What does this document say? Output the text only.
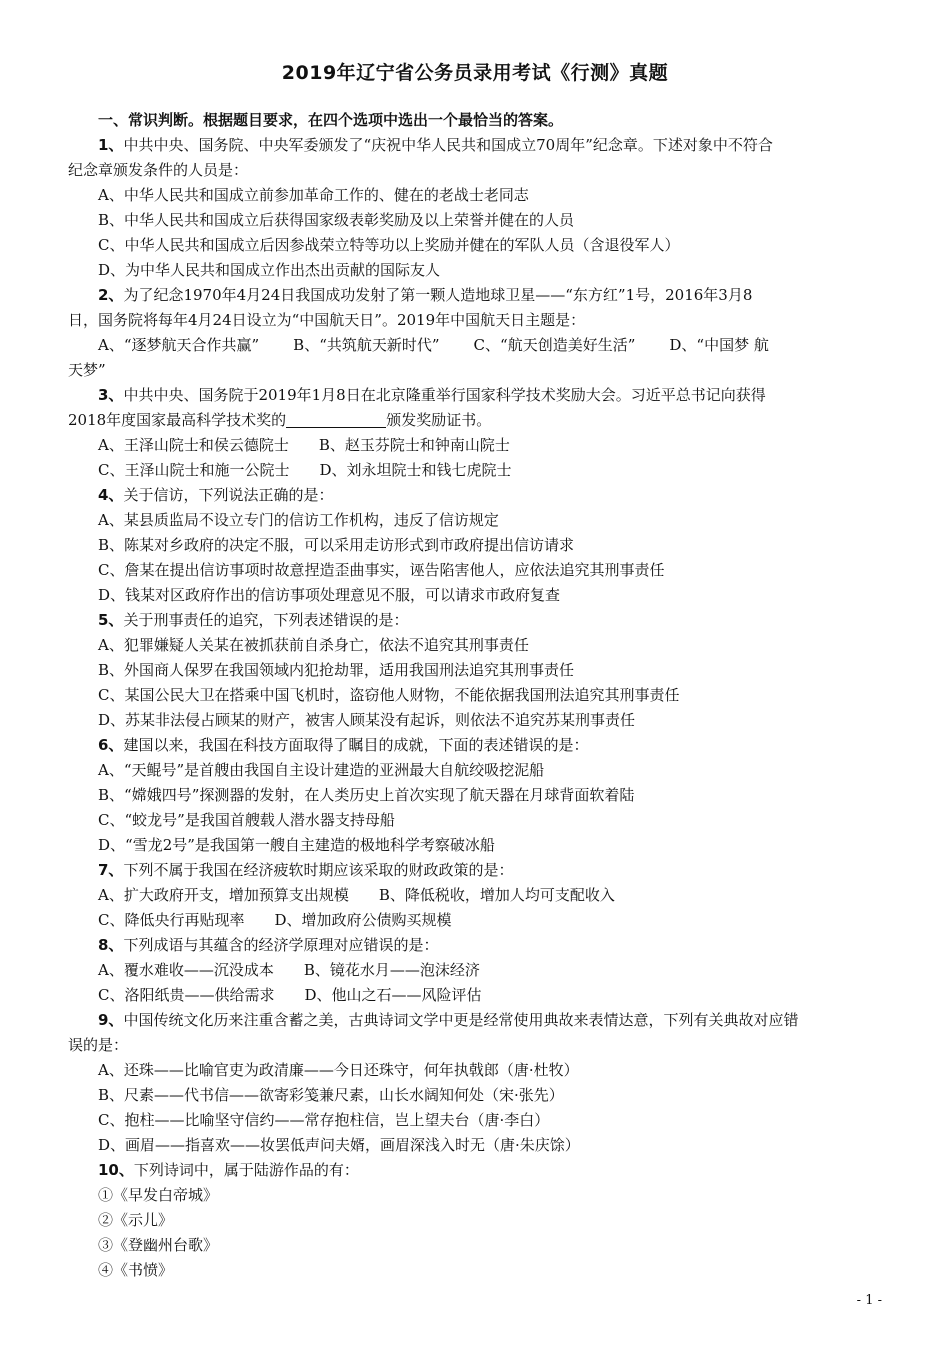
2019年辽宁省公务员录用考试《行测》真题
一、常识判断。根据题目要求，在四个选项中选出一个最恰当的答案。
1、中共中央、国务院、中央军委颁发了“庆祝中华人民共和国成立70周年”纪念章。下述对象中不符合
纪念章颁发条件的人员是：
A、中华人民共和国成立前参加革命工作的、健在的老战士老同志
B、中华人民共和国成立后获得国家级表彰奖励及以上荣誉并健在的人员
C、中华人民共和国成立后因参战荣立特等功以上奖励并健在的军队人员（含退役军人）
D、为中华人民共和国成立作出杰出贡献的国际友人
2、为了纪念1970年4月24日我国成功发射了第一颗人造地球卫星——“东方红”1号，2016年3月8
日，国务院将每年4月24日设立为“中国航天日”。2019年中国航天日主题是：
A、“逐梦航天合作共赢” B、“共筑航天新时代” C、“航天创造美好生活” D、“中国梦 航
天梦”
3、中共中央、国务院于2019年1月8日在北京隆重举行国家科学技术奖励大会。习近平总书记向获得
2018年度国家最高科学技术奖的	颁发奖励证书。
A、王泽山院士和侯云德院士 B、赵玉芬院士和钟南山院士
C、王泽山院士和施一公院士 D、刘永坦院士和钱七虎院士
4、关于信访，下列说法正确的是：
A、某县质监局不设立专门的信访工作机构，违反了信访规定
B、陈某对乡政府的决定不服，可以采用走访形式到市政府提出信访请求
C、詹某在提出信访事项时故意捏造歪曲事实，诬告陷害他人，应依法追究其刑事责任
D、钱某对区政府作出的信访事项处理意见不服，可以请求市政府复查
5、关于刑事责任的追究，下列表述错误的是：
A、犯罪嫌疑人关某在被抓获前自杀身亡，依法不追究其刑事责任
B、外国商人保罗在我国领域内犯抢劫罪，适用我国刑法追究其刑事责任
C、某国公民大卫在搭乘中国飞机时，盗窃他人财物，不能依据我国刑法追究其刑事责任
D、苏某非法侵占顾某的财产，被害人顾某没有起诉，则依法不追究苏某刑事责任
6、建国以来，我国在科技方面取得了瞩目的成就，下面的表述错误的是：
A、“天鲲号”是首艘由我国自主设计建造的亚洲最大自航绞吸挖泥船
B、“嫦娥四号”探测器的发射，在人类历史上首次实现了航天器在月球背面软着陆
C、“蛟龙号”是我国首艘载人潜水器支持母船
D、“雪龙2号”是我国第一艘自主建造的极地科学考察破冰船
7、下列不属于我国在经济疲软时期应该采取的财政政策的是：
A、扩大政府开支，增加预算支出规模 B、降低税收，增加人均可支配收入
C、降低央行再贴现率 D、增加政府公债购买规模
8、下列成语与其蕴含的经济学原理对应错误的是：
A、覆水难收——沉没成本 B、镜花水月——泡沫经济
C、洛阳纸贵——供给需求 D、他山之石——风险评估
9、中国传统文化历来注重含蓄之美，古典诗词文学中更是经常使用典故来表情达意，下列有关典故对应错
误的是：
A、还珠——比喻官吏为政清廉——今日还珠守，何年执戟郎（唐·杜牧）
B、尺素——代书信——欲寄彩笺兼尺素，山长水阔知何处（宋·张先）
C、抱柱——比喻坚守信约——常存抱柱信，岂上望夫台（唐·李白）
D、画眉——指喜欢——妆罢低声问夫婿，画眉深浅入时无（唐·朱庆馀）
10、下列诗词中，属于陆游作品的有：
①《早发白帝城》
②《示儿》
③《登幽州台歌》
④《书愤》
- 1 -
